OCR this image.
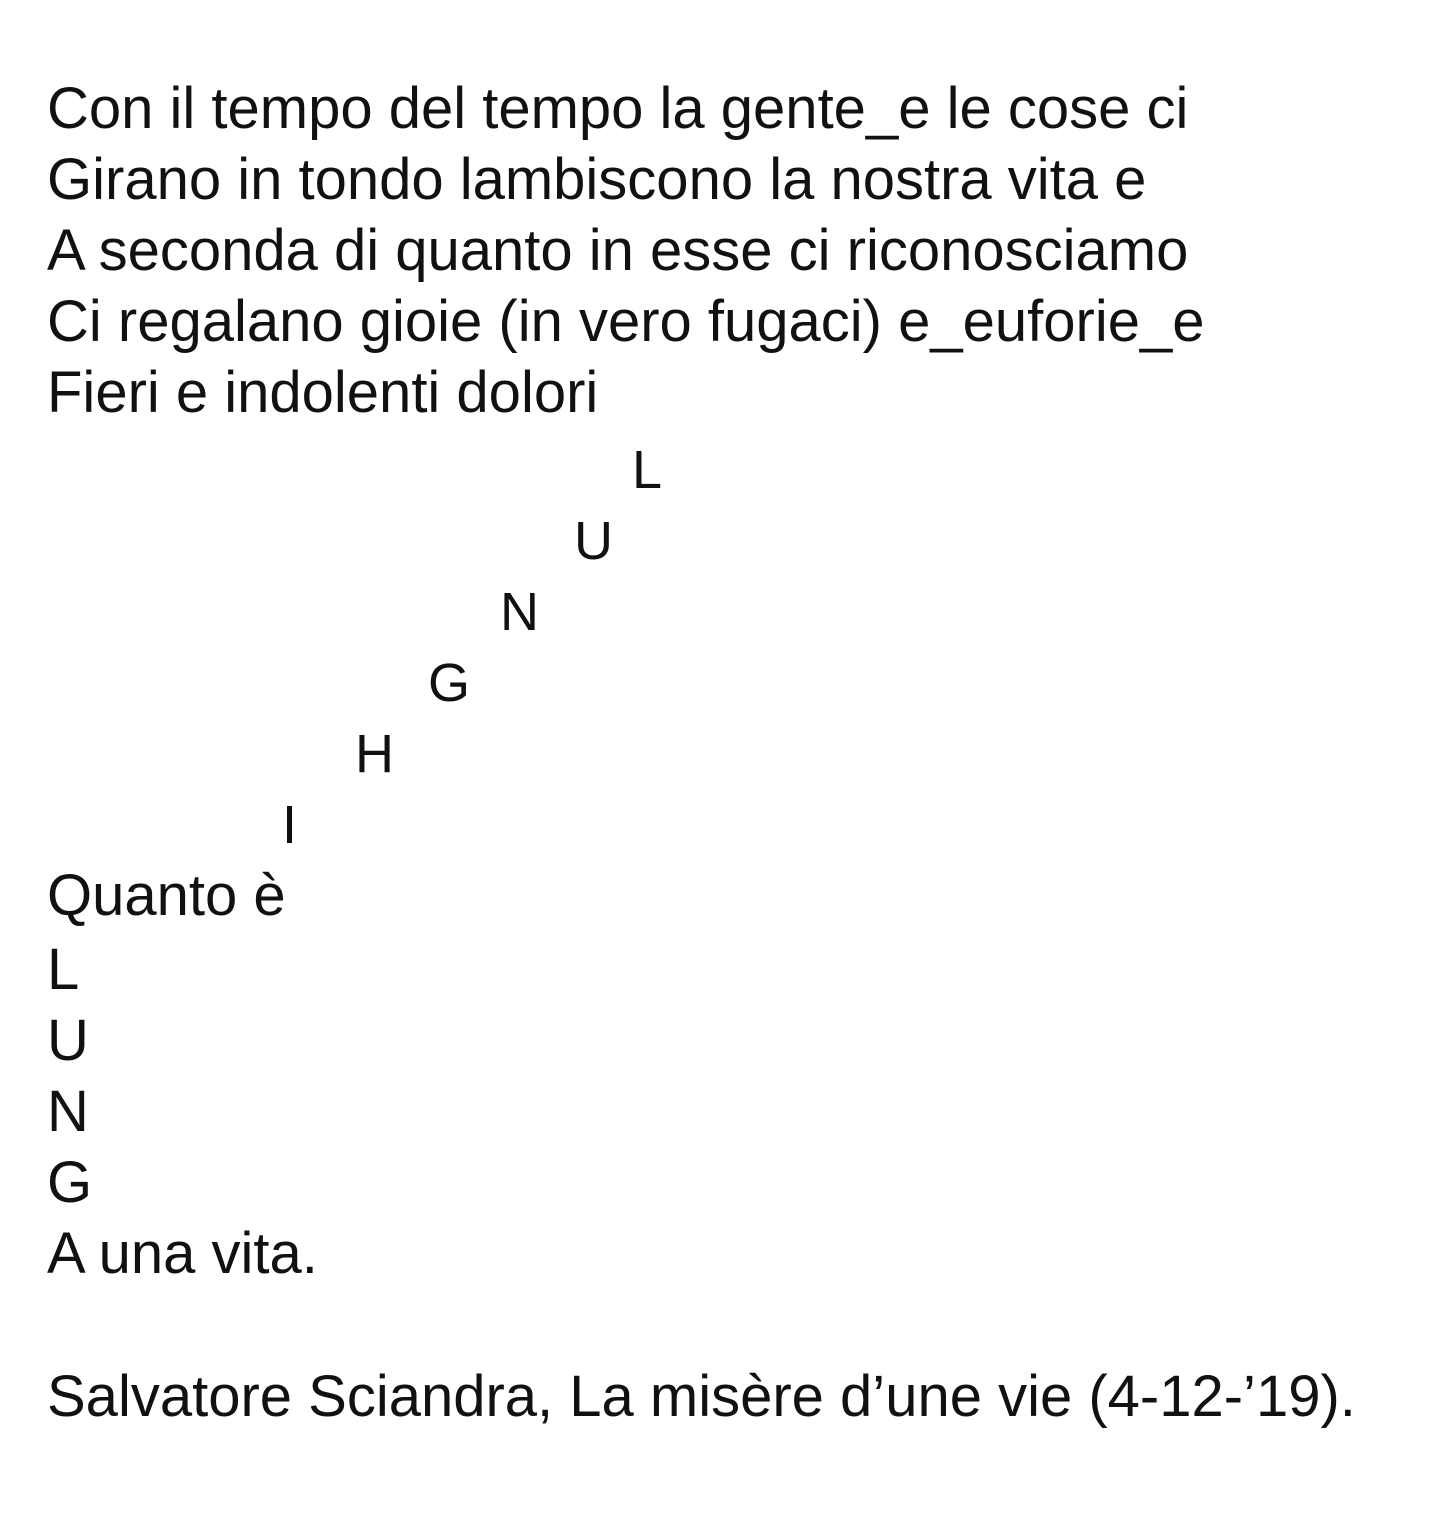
Con il tempo del tempo la gente_e le cose ci

Girano in tondo lambiscono la nostra vita e

A seconda di quanto in esse ci riconosciamo

Ci regalano gioie (in vero fugaci) e_euforie_e

Fieri e indolenti dolori

L
U
N
G
H
I

Quanto è

L

U

N

G

A una vita.

Salvatore Sciandra, La misère d’une vie (4-12-’19).
